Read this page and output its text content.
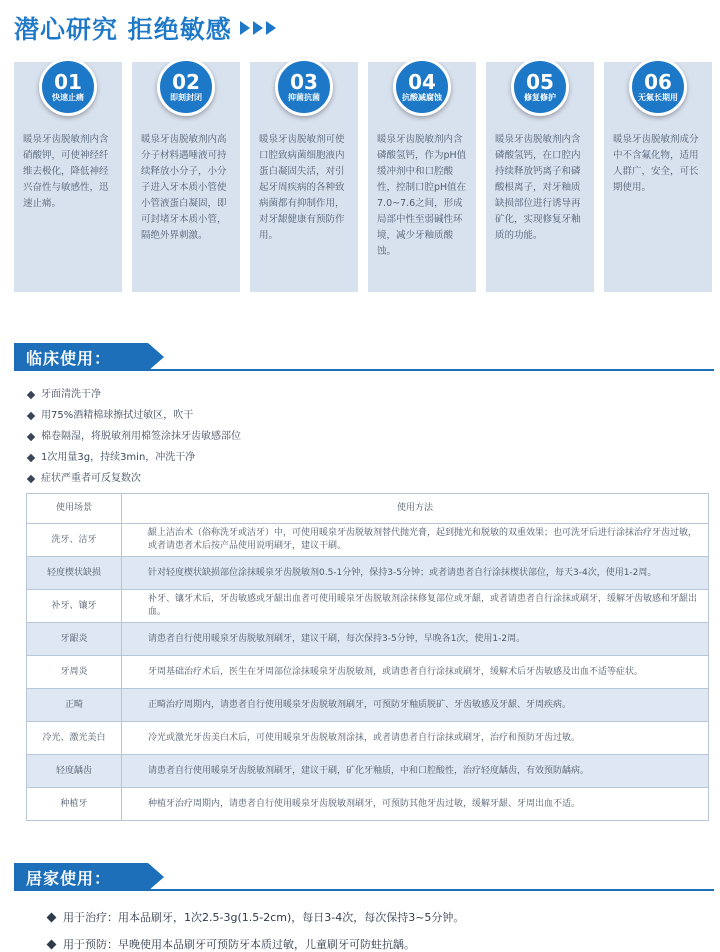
潜心研究 拒绝敏感
01
快速止痛
暖泉牙齿脱敏剂内含硝酸钾，可使神经纤维去极化，降低神经兴奋性与敏感性，迅速止痛。
02
即刻封闭
暖泉牙齿脱敏剂内高分子材料遇唾液可持续释放小分子，小分子进入牙本质小管使小管液蛋白凝固，即可封堵牙本质小管，隔绝外界刺激。
03
抑菌抗菌
暖泉牙齿脱敏剂可使口腔致病菌细胞液内蛋白凝固失活，对引起牙周疾病的各种致病菌都有抑制作用，对牙龈健康有预防作用。
04
抗酸减腐蚀
暖泉牙齿脱敏剂内含磷酸氢钙，作为pH值缓冲剂中和口腔酸性，控制口腔pH值在7.0~7.6之间，形成局部中性至弱碱性环境，减少牙釉质酸蚀。
05
修复修护
暖泉牙齿脱敏剂内含磷酸氢钙，在口腔内持续释放钙离子和磷酸根离子，对牙釉质缺损部位进行诱导再矿化，实现修复牙釉质的功能。
06
无氟长期用
暖泉牙齿脱敏剂成分中不含氟化物，适用人群广，安全，可长期使用。
临床使用：
牙面清洗干净
用75%酒精棉球擦拭过敏区，吹干
棉卷隔湿，将脱敏剂用棉签涂抹牙齿敏感部位
1次用量3g，持续3min，冲洗干净
症状严重者可反复数次
使用场景	使用方法
洗牙、洁牙	龈上洁治术（俗称洗牙或洁牙）中，可使用暖泉牙齿脱敏剂替代抛光膏，起到抛光和脱敏的双重效果；也可洗牙后进行涂抹治疗牙齿过敏，或者请患者术后按产品使用说明刷牙，建议干刷。
轻度楔状缺损	针对轻度楔状缺损部位涂抹暖泉牙齿脱敏剂0.5-1分钟，保持3-5分钟；或者请患者自行涂抹楔状部位，每天3-4次，使用1-2周。
补牙、镶牙	补牙、镶牙术后，牙齿敏感或牙龈出血者可使用暖泉牙齿脱敏剂涂抹修复部位或牙龈，或者请患者自行涂抹或刷牙，缓解牙齿敏感和牙龈出血。
牙龈炎	请患者自行使用暖泉牙齿脱敏剂刷牙，建议干刷，每次保持3-5分钟，早晚各1次，使用1-2周。
牙周炎	牙周基础治疗术后，医生在牙周部位涂抹暖泉牙齿脱敏剂，或请患者自行涂抹或刷牙，缓解术后牙齿敏感及出血不适等症状。
正畸	正畸治疗周期内，请患者自行使用暖泉牙齿脱敏剂刷牙，可预防牙釉质脱矿、牙齿敏感及牙龈、牙周疾病。
冷光、激光美白	冷光或激光牙齿美白术后，可使用暖泉牙齿脱敏剂涂抹，或者请患者自行涂抹或刷牙，治疗和预防牙齿过敏。
轻度龋齿	请患者自行使用暖泉牙齿脱敏剂刷牙，建议干刷，矿化牙釉质，中和口腔酸性，治疗轻度龋齿，有效预防龋病。
种植牙	种植牙治疗周期内，请患者自行使用暖泉牙齿脱敏剂刷牙，可预防其他牙齿过敏，缓解牙龈、牙周出血不适。
居家使用：
用于治疗：用本品刷牙，1次2.5-3g(1.5-2cm)，每日3-4次，每次保持3~5分钟。
用于预防：早晚使用本品刷牙可预防牙本质过敏，儿童刷牙可防蛀抗龋。
